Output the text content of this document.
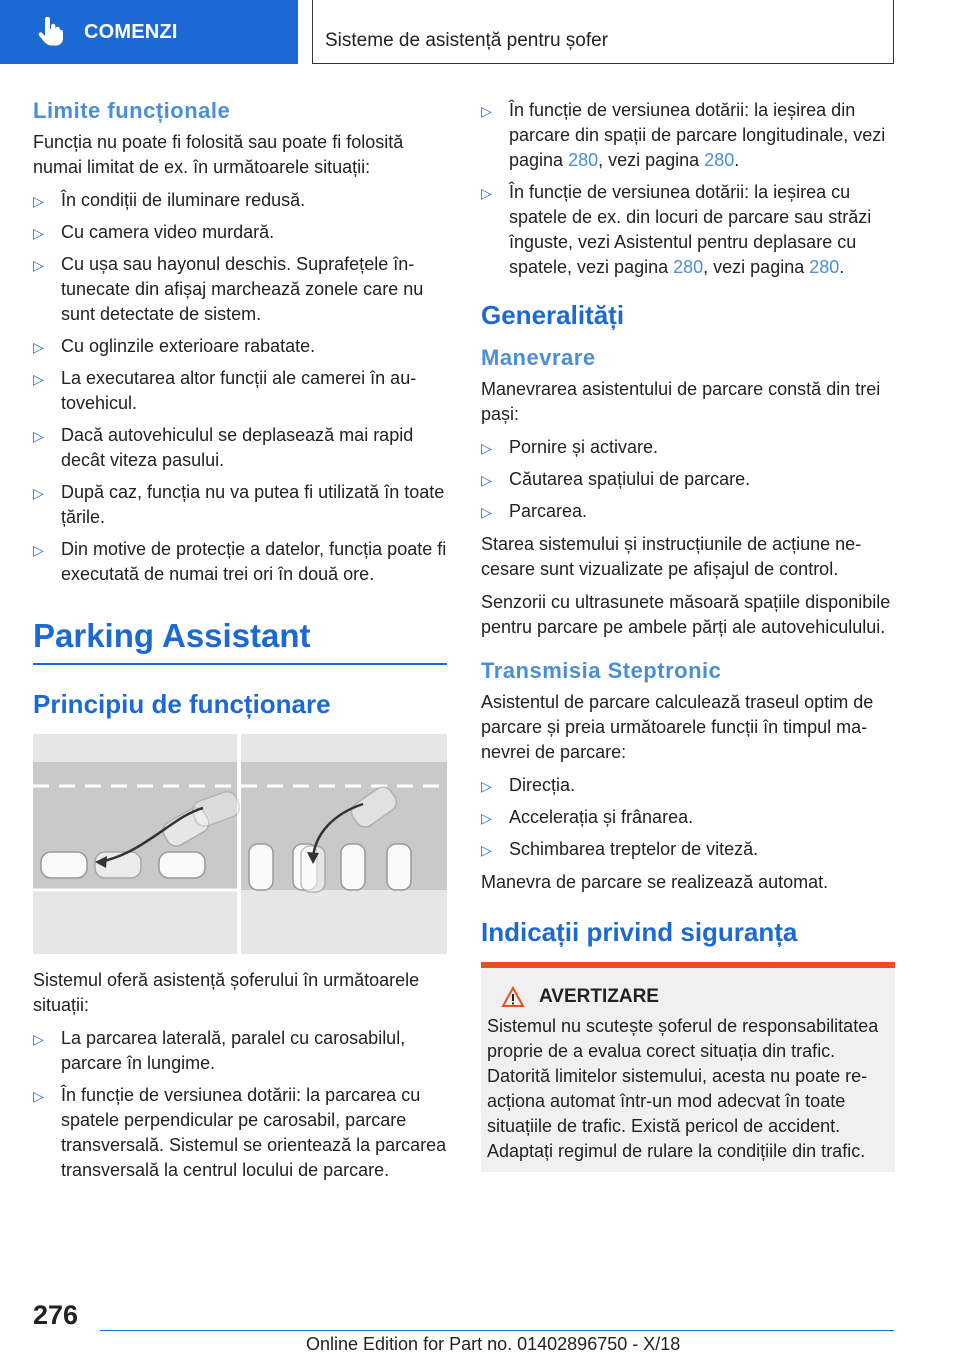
COMENZI	Sisteme de asistență pentru șofer
Limite funcționale

Funcția nu poate fi folosită sau poate fi folosită numai limitat de ex. în următoarele situații:

▷ În condiții de iluminare redusă.
▷ Cu camera video murdară.
▷ Cu ușa sau hayonul deschis. Suprafețele întunecate din afișaj marchează zonele care nu sunt detectate de sistem.
▷ Cu oglinzile exterioare rabatate.
▷ La executarea altor funcții ale camerei în autovehicul.
▷ Dacă autovehiculul se deplasează mai rapid decât viteza pasului.
▷ După caz, funcția nu va putea fi utilizată în toate țările.
▷ Din motive de protecție a datelor, funcția poate fi executată de numai trei ori în două ore.
Parking Assistant
Principiu de funcționare

Sistemul oferă asistență șoferului în următoarele situații:

▷ La parcarea laterală, paralel cu carosabilul, parcare în lungime.
▷ În funcție de versiunea dotării: la parcarea cu spatele perpendicular pe carosabil, parcare transversală. Sistemul se orientează la parcarea transversală la centrul locului de parcare.
▷ În funcție de versiunea dotării: la ieșirea din parcare din spații de parcare longitudinale, vezi pagina 280, vezi pagina 280.
▷ În funcție de versiunea dotării: la ieșirea cu spatele de ex. din locuri de parcare sau străzi înguste, vezi Asistentul pentru deplasare cu spatele, vezi pagina 280, vezi pagina 280.
Generalități
Manevrare

Manevrarea asistentului de parcare constă din trei pași:

▷ Pornire și activare.
▷ Căutarea spațiului de parcare.
▷ Parcarea.

Starea sistemului și instrucțiunile de acțiune necesare sunt vizualizate pe afișajul de control.

Senzorii cu ultrasunete măsoară spațiile disponibile pentru parcare pe ambele părți ale autovehiculului.

Transmisia Steptronic

Asistentul de parcare calculează traseul optim de parcare și preia următoarele funcții în timpul manevrei de parcare:

▷ Direcția.
▷ Accelerația și frânarea.
▷ Schimbarea treptelor de viteză.

Manevra de parcare se realizează automat.

Indicații privind siguranța
AVERTIZARE

Sistemul nu scutește șoferul de responsabilitatea proprie de a evalua corect situația din trafic. Datorită limitelor sistemului, acesta nu poate reacționa automat într-un mod adecvat în toate situațiile de trafic. Există pericol de accident. Adaptați regimul de rulare la condițiile din trafic.

276
Online Edition for Part no. 01402896750 - X/18
